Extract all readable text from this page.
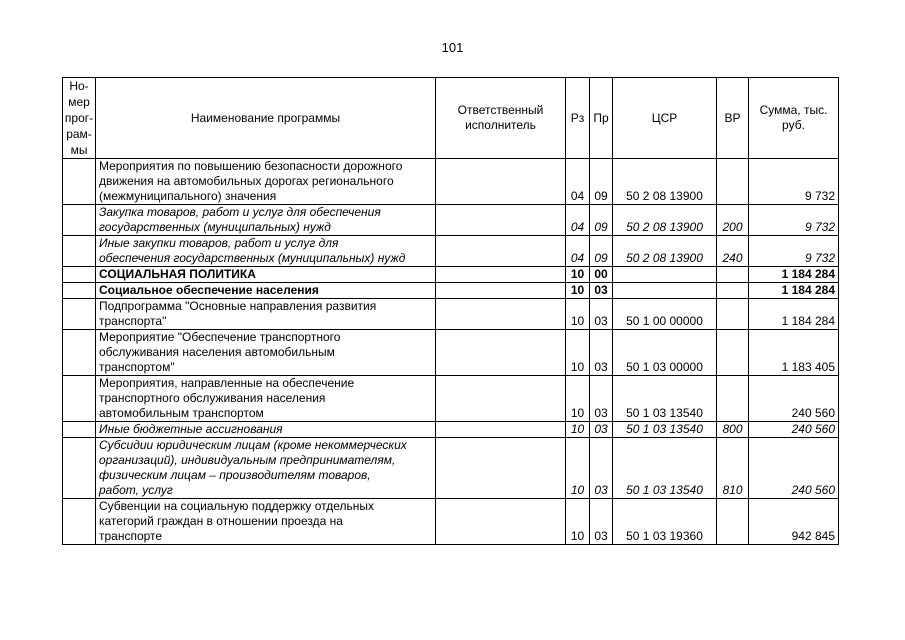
101
Но-мер прог-рам-мы	Наименование программы	Ответственный исполнитель	Рз	Пр	ЦСР	ВР	Сумма, тыс. руб.
	Мероприятия по повышению безопасности дорожного
движения на автомобильных дорогах регионального
(межмуниципального) значения		04	09	50 2 08 13900		9 732
	Закупка товаров, работ и услуг для обеспечения
государственных (муниципальных) нужд		04	09	50 2 08 13900	200	9 732
	Иные закупки товаров, работ и услуг для
обеспечения государственных (муниципальных) нужд		04	09	50 2 08 13900	240	9 732
	СОЦИАЛЬНАЯ ПОЛИТИКА		10	00			1 184 284
	Социальное обеспечение населения		10	03			1 184 284
	Подпрограмма "Основные направления развития
транспорта"		10	03	50 1 00 00000		1 184 284
	Мероприятие "Обеспечение транспортного
обслуживания населения автомобильным
транспортом"		10	03	50 1 03 00000		1 183 405
	Мероприятия, направленные на обеспечение
транспортного обслуживания населения
автомобильным транспортом		10	03	50 1 03 13540		240 560
	Иные бюджетные ассигнования		10	03	50 1 03 13540	800	240 560
	Субсидии юридическим лицам (кроме некоммерческих
организаций), индивидуальным предпринимателям,
физическим лицам – производителям товаров,
работ, услуг		10	03	50 1 03 13540	810	240 560
	Субвенции на социальную поддержку отдельных
категорий граждан в отношении проезда на
транспорте		10	03	50 1 03 19360		942 845
